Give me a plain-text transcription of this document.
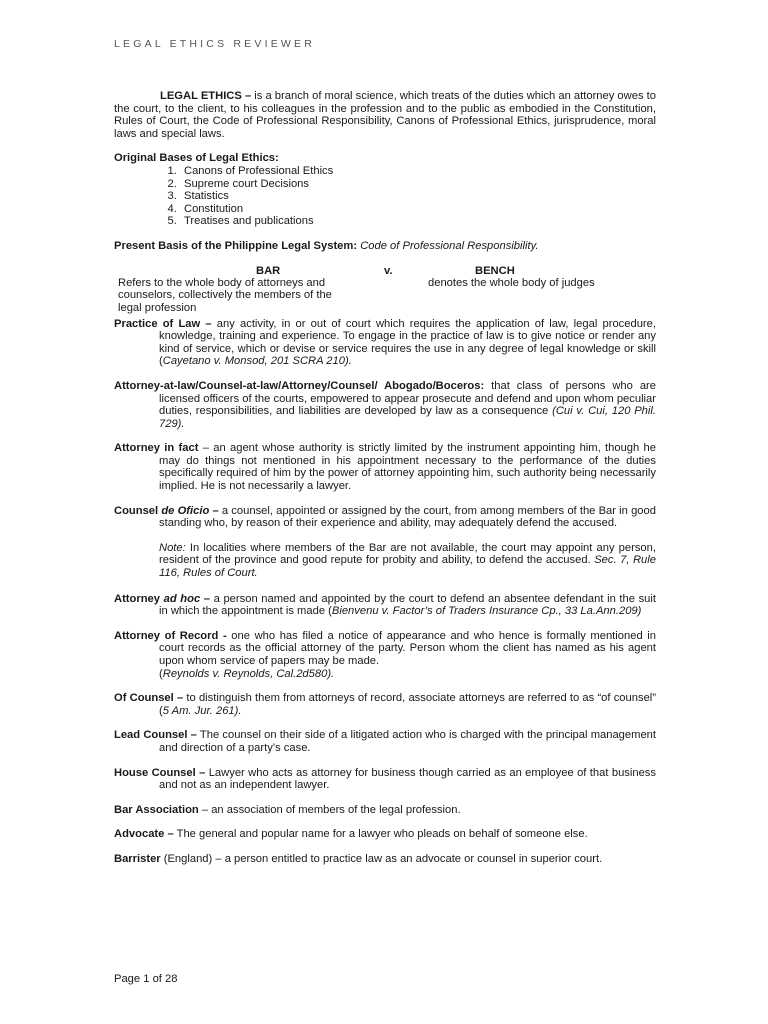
LEGAL ETHICS REVIEWER

LEGAL ETHICS – is a branch of moral science, which treats of the duties which an attorney owes to the court, to the client, to his colleagues in the profession and to the public as embodied in the Constitution, Rules of Court, the Code of Professional Responsibility, Canons of Professional Ethics, jurisprudence, moral laws and special laws.

Original Bases of Legal Ethics:

1. Canons of Professional Ethics
2. Supreme court Decisions
3. Statistics
4. Constitution
5. Treatises and publications

Present Basis of the Philippine Legal System: Code of Professional Responsibility.

BAR	v.	BENCH
Refers to the whole body of attorneys and counselors, collectively the members of the legal profession
denotes the whole body of judges

Practice of Law – any activity, in or out of court which requires the application of law, legal procedure, knowledge, training and experience. To engage in the practice of law is to give notice or render any kind of service, which or devise or service requires the use in any degree of legal knowledge or skill (Cayetano v. Monsod, 201 SCRA 210).

Attorney-at-law/Counsel-at-law/Attorney/Counsel/ Abogado/Boceros: that class of persons who are licensed officers of the courts, empowered to appear prosecute and defend and upon whom peculiar duties, responsibilities, and liabilities are developed by law as a consequence (Cui v. Cui, 120 Phil. 729).

Attorney in fact – an agent whose authority is strictly limited by the instrument appointing him, though he may do things not mentioned in his appointment necessary to the performance of the duties specifically required of him by the power of attorney appointing him, such authority being necessarily implied. He is not necessarily a lawyer.

Counsel de Oficio – a counsel, appointed or assigned by the court, from among members of the Bar in good standing who, by reason of their experience and ability, may adequately defend the accused.

Note: In localities where members of the Bar are not available, the court may appoint any person, resident of the province and good repute for probity and ability, to defend the accused. Sec. 7, Rule 116, Rules of Court.

Attorney ad hoc – a person named and appointed by the court to defend an absentee defendant in the suit in which the appointment is made (Bienvenu v. Factor’s of Traders Insurance Cp., 33 La.Ann.209)

Attorney of Record - one who has filed a notice of appearance and who hence is formally mentioned in court records as the official attorney of the party. Person whom the client has named as his agent upon whom service of papers may be made.
(Reynolds v. Reynolds, Cal.2d580).

Of Counsel – to distinguish them from attorneys of record, associate attorneys are referred to as “of counsel” (5 Am. Jur. 261).

Lead Counsel – The counsel on their side of a litigated action who is charged with the principal management and direction of a party’s case.

House Counsel – Lawyer who acts as attorney for business though carried as an employee of that business and not as an independent lawyer.

Bar Association – an association of members of the legal profession.

Advocate – The general and popular name for a lawyer who pleads on behalf of someone else.

Barrister (England) – a person entitled to practice law as an advocate or counsel in superior court.

Page 1 of 28
